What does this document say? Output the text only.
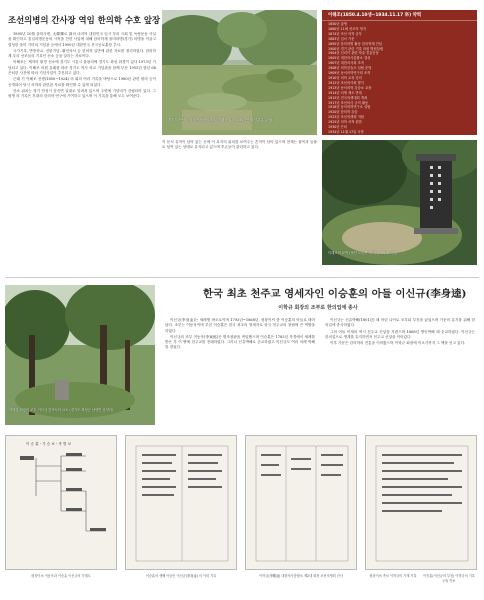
조선의병의 간사장 역임 한의학 수호 앞장

1895년 10월 을미사변, 大韓輝로 訓의 마지막 대한민국 임시 부의 국회 및 독립운동 사실을 확인하고 통일의병운동의 시작을 전한 사업에 대해 한의학계 을미의병(경기) 의병을 이끌고 결성한 을미 기미의 기념관 등에서 1950년 대한민국 건국공로훈장 추서.

국가기록, 반중학교, 신탄기념, 활인의서 등 한의학 일반에 관한 자료를 정리하였다. 한의학계 우리 선조들의 기록인 신소 등을 알리는 자료이다.

이해조는 제자의 환경 신소에 경기도 시흥시 물왕리에 경기도 화성 화경이 있다 1973년 기념되고 있다. 이해조 의원 유래를 따라 경기도 역사 학교 기념관을 함께 부산 1955년 향년 68 은퇴한 사건에 따라 기념사업이 추진되고 있다.

근래 기 이해조 선생(1850~1924) 의 회의 여러 기록을 바탕으로 1980년 관련 평의 등이 공개되어 당시 의학과 관련된 자료를 확인할 수 있게 되었다.

산소 위치는 경기 안성시 삼죽면 일대로 알려져 있으며 주변에 기념비가 건립되어 있다. 그 평생 의 기록은 후대의 한의학 연구에 기여하고 있으며 이 기록을 통해 모두 보여준다.

경기도 안성시 삼죽면 덕산리 소재 이해조 일가 묘소(가운데 앞부분 무덤)

이 문서 유적이 남아 있는 곳에 이 묘지의 위치를 보여주는 흔적이 남아 있으며 현재는 잡목과 들풀로 덮여 있는 상태로 유지되고 있으며 후손들이 관리하고 있다.

이해조(1850.4.10생~1934.11.17 卒) 약력
1850년 출생
1860년 11세 선조의 영지
1874년 조선 의학 공부
1883년 김씨 가문
1895년 을미의병 활동 한의학계 전념
1900년 경기 관련 기록 의원 병원설립
1904년 신의약 관련 학술 진흥운동
1905년 대한의사총합소 결성
1907년 대한의사회 조직
1908년 의학강습소 설립 운영
1909년 동서의학연구회 조직
1910년 의학 교육 강의
1912년 조선의사회 발기
1913년 동서의학 강습소 교장
1914년 의생 제도 반대
1915년 전국의생대회 개최
1917년 조선의사 규칙 활동
1918년 동서의학연구소 설립
1920년 한의학 강습
1923년 조선의생회 지원
1925년 의학 서적 편찬
1930년 은퇴
1934년 11월 17일 사망
이해조의 묘역 (뒷면 오른쪽 비석이 그의 묘비임)
이학규 회장의 조부 이신규 한의사의 묘소 (경기도 화성군 남양면 남양리)
한국 최초 천주교 영세자인 이승훈의 아들 이신규(李身逵)
이학규 회장의 조부로 한의업에 종사

이신규(李身逵)는 세례명 바오로이며 1793년~1868년. 평창이씨 중 이승훈의 아들로 태어났다. 조부는 이동욱이며 부친 이승훈은 한국 최초의 영세자로 한국 천주교의 창립에 큰 역할을 하였다.

이신규의 조부 이동욱(李東郁)은 병조참판을 역임했으며 이승훈은 1783년 북경에서 세례를 받은 후 이 땅에 천주교를 전래하였다. 그러나 신유박해로 순교하였고 이신규도 여러 차례 박해를 겪었다.

이신규는 신유박해(1801년) 때 어린 나이로 조부와 부친을 잃었으며 가문의 유지를 위해 한의업에 종사하였다.

그의 아들 이재의 역시 천주교 신앙을 지켰으며 1868년 병인박해 때 순교하였다. 이신규는 한의업으로 생계를 유지하면서 천주교 신앙을 이어갔다.

이후 가문은 한의학의 전통을 이어왔으며 이학규 회장에 이르기까지 그 맥을 잇고 있다.

이 승 훈 - 가 승 보 - 족 별 보
평창이씨 이동욱과 이승훈 이신규의 가계도	이승훈의 셋째 아들인 이신규(李身逵) 의 이력 기록	이학규(李鶴逵) 대한의사총합소 제2대 회장 조선의생회 간사	평창이씨 족보 이학규의 가계 기록	이승훈(이신규의 부친) 이학규의 기록(이) 족보
